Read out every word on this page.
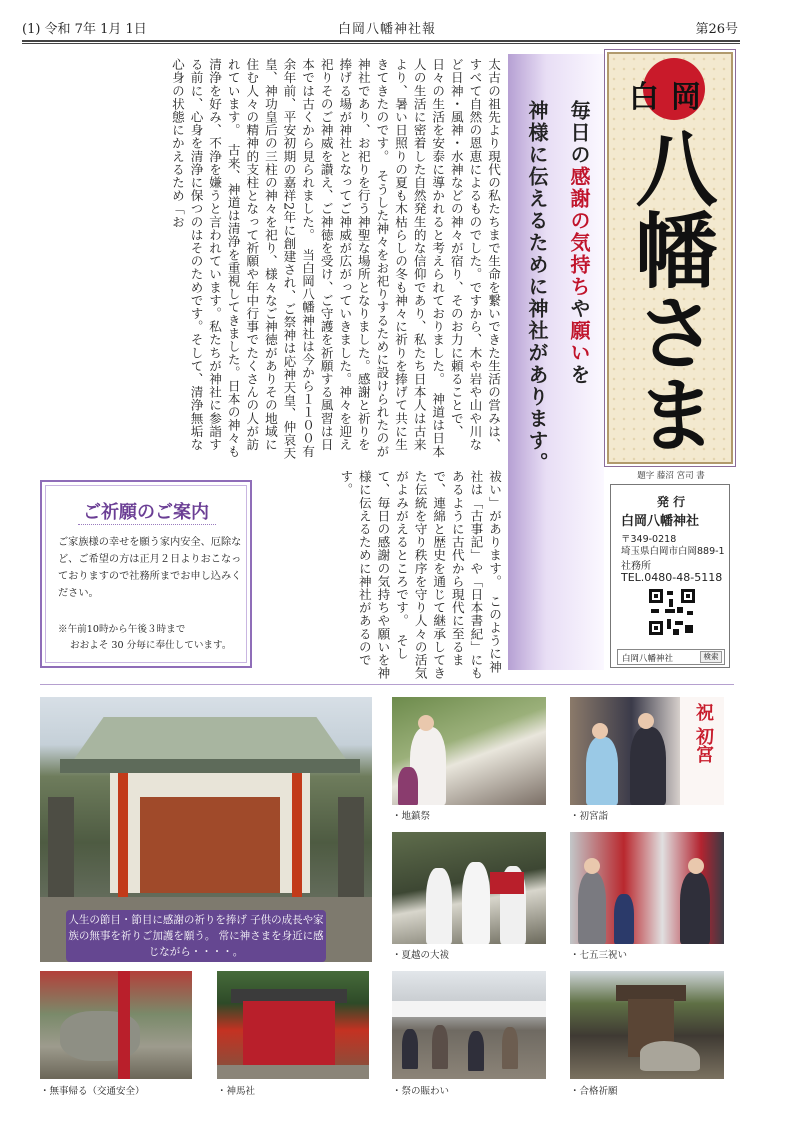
(1) 令和 7年 1月 1日	白岡八幡神社報	第26号
太古の祖先より現代の私たちまで生命を繋いできた生活の営みは、すべて自然の恩恵によるものでした。ですから、木や岩や山や川など日神・風神・水神などの神々が宿り、そのお力に頼ることで、日々の生活を安泰に導かれると考えられておりました。　神道は日本人の生活に密着した自然発生的な信仰であり、私たち日本人は古来より、暑い日照りの夏も木枯らしの冬も神々に祈りを捧げて共に生きてきたのです。　そうした神々をお祀りするために設けられたのが神社であり、お祀りを行う神聖な場所となりました。感謝と祈りを捧げる場が神社となってご神威が広がっていきました。神々を迎え祀りそのご神威を讃え、ご神徳を受け、ご守護を祈願する風習は日本では古くから見られました。　当白岡八幡神社は今から１１００有余年前、平安初期の嘉祥2年に創建され、ご祭神は応神天皇、仲哀天皇、神功皇后の三柱の神々を祀り、様々なご神徳がありその地域に住む人々の精神的支柱となって祈願や年中行事でたくさんの人が訪れています。　古来、神道は清浄を重視してきました。日本の神々も清浄を好み、不浄を嫌うと言われています。私たちが神社に参詣する前に、心身を清浄に保つのはそのためです。そして、清浄無垢な心身の状態にかえるため「お
祓い」があります。　このように神社は「古事記」や「日本書紀」にもあるように古代から現代に至るまで、連綿と歴史を通じて継承してきた伝統を守り秩序を守り人々の活気がよみがえるところです。　そして、毎日の感謝の気持ちや願いを神様に伝えるために神社があるのです。
毎日の感謝の気持ちや願いを
神様に伝えるために神社があります。
白岡
八幡さま
題字 藤沼 宮司 書
発 行
白岡八幡神社
〒349-0218
埼玉県白岡市白岡889-1
社務所
TEL.0480-48-5118
白岡八幡神社	検索
ご祈願のご案内
ご家族様の幸せを願う家内安全、厄除など、ご希望の方は正月２日よりおこなっておりますので社務所までお申し込みください。
※午前10時から午後３時まで
おおよそ 30 分毎に奉仕しています。
人生の節目・節目に感謝の祈りを捧げ 子供の成長や家族の無事を祈りご加護を願う。 常に神さまを身近に感じながら・・・・。
・地鎮祭
祝 初宮
・初宮詣
・夏越の大祓	・七五三祝い
・無事帰る（交通安全）	・神馬社	・祭の賑わい	・合格祈願
